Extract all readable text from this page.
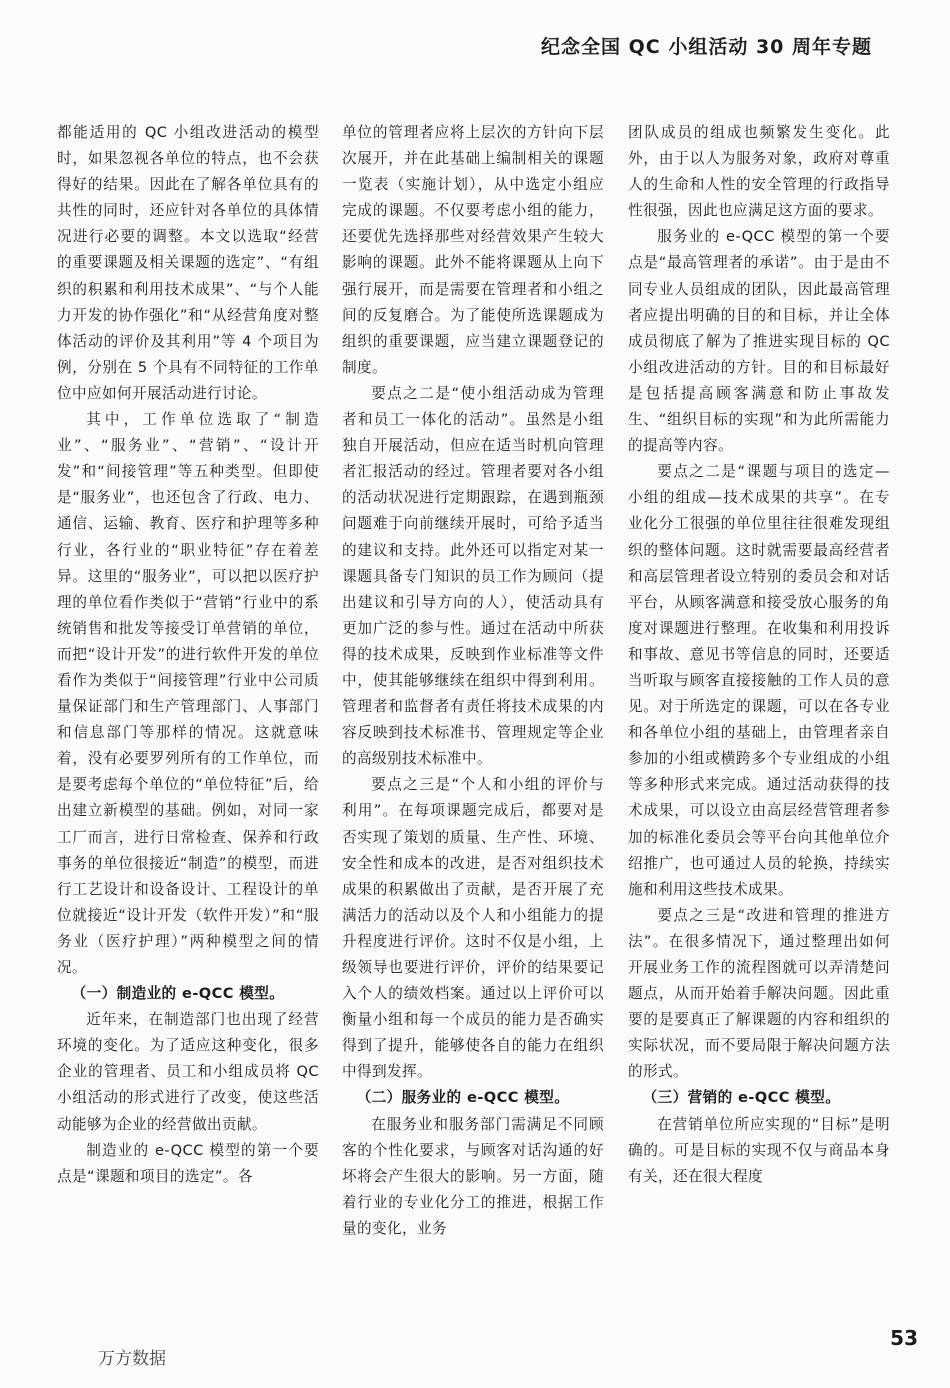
纪念全国 QC 小组活动 30 周年专题

都能适用的 QC 小组改进活动的模型时，如果忽视各单位的特点，也不会获得好的结果。因此在了解各单位具有的共性的同时，还应针对各单位的具体情况进行必要的调整。本文以选取“经营的重要课题及相关课题的选定”、“有组织的积累和利用技术成果”、“与个人能力开发的协作强化”和“从经营角度对整体活动的评价及其利用”等 4 个项目为例，分别在 5 个具有不同特征的工作单位中应如何开展活动进行讨论。

其中，工作单位选取了“制造业”、“服务业”、“营销”、“设计开发”和“间接管理”等五种类型。但即使是“服务业”，也还包含了行政、电力、通信、运输、教育、医疗和护理等多种行业，各行业的“职业特征”存在着差异。这里的“服务业”，可以把以医疗护理的单位看作类似于“营销”行业中的系统销售和批发等接受订单营销的单位，而把“设计开发”的进行软件开发的单位看作为类似于“间接管理”行业中公司质量保证部门和生产管理部门、人事部门和信息部门等那样的情况。这就意味着，没有必要罗列所有的工作单位，而是要考虑每个单位的“单位特征”后，给出建立新模型的基础。例如，对同一家工厂而言，进行日常检查、保养和行政事务的单位很接近“制造”的模型，而进行工艺设计和设备设计、工程设计的单位就接近“设计开发（软件开发）”和“服务业（医疗护理）”两种模型之间的情况。

（一）制造业的 e-QCC 模型。

近年来，在制造部门也出现了经营环境的变化。为了适应这种变化，很多企业的管理者、员工和小组成员将 QC 小组活动的形式进行了改变，使这些活动能够为企业的经营做出贡献。

制造业的 e-QCC 模型的第一个要点是“课题和项目的选定”。各

单位的管理者应将上层次的方针向下层次展开，并在此基础上编制相关的课题一览表（实施计划），从中选定小组应完成的课题。不仅要考虑小组的能力，还要优先选择那些对经营效果产生较大影响的课题。此外不能将课题从上向下强行展开，而是需要在管理者和小组之间的反复磨合。为了能使所选课题成为组织的重要课题，应当建立课题登记的制度。

要点之二是“使小组活动成为管理者和员工一体化的活动”。虽然是小组独自开展活动，但应在适当时机向管理者汇报活动的经过。管理者要对各小组的活动状况进行定期跟踪，在遇到瓶颈问题难于向前继续开展时，可给予适当的建议和支持。此外还可以指定对某一课题具备专门知识的员工作为顾问（提出建议和引导方向的人），使活动具有更加广泛的参与性。通过在活动中所获得的技术成果，反映到作业标准等文件中，使其能够继续在组织中得到利用。管理者和监督者有责任将技术成果的内容反映到技术标准书、管理规定等企业的高级别技术标准中。

要点之三是“个人和小组的评价与利用”。在每项课题完成后，都要对是否实现了策划的质量、生产性、环境、安全性和成本的改进，是否对组织技术成果的积累做出了贡献，是否开展了充满活力的活动以及个人和小组能力的提升程度进行评价。这时不仅是小组，上级领导也要进行评价，评价的结果要记入个人的绩效档案。通过以上评价可以衡量小组和每一个成员的能力是否确实得到了提升，能够使各自的能力在组织中得到发挥。

（二）服务业的 e-QCC 模型。

在服务业和服务部门需满足不同顾客的个性化要求，与顾客对话沟通的好坏将会产生很大的影响。另一方面，随着行业的专业化分工的推进，根据工作量的变化，业务

团队成员的组成也频繁发生变化。此外，由于以人为服务对象，政府对尊重人的生命和人性的安全管理的行政指导性很强，因此也应满足这方面的要求。

服务业的 e-QCC 模型的第一个要点是“最高管理者的承诺”。由于是由不同专业人员组成的团队，因此最高管理者应提出明确的目的和目标，并让全体成员彻底了解为了推进实现目标的 QC 小组改进活动的方针。目的和目标最好是包括提高顾客满意和防止事故发生、“组织目标的实现”和为此所需能力的提高等内容。

要点之二是“课题与项目的选定—小组的组成—技术成果的共享”。在专业化分工很强的单位里往往很难发现组织的整体问题。这时就需要最高经营者和高层管理者设立特别的委员会和对话平台，从顾客满意和接受放心服务的角度对课题进行整理。在收集和利用投诉和事故、意见书等信息的同时，还要适当听取与顾客直接接触的工作人员的意见。对于所选定的课题，可以在各专业和各单位小组的基础上，由管理者亲自参加的小组或横跨多个专业组成的小组等多种形式来完成。通过活动获得的技术成果，可以设立由高层经营管理者参加的标准化委员会等平台向其他单位介绍推广，也可通过人员的轮换，持续实施和利用这些技术成果。

要点之三是“改进和管理的推进方法”。在很多情况下，通过整理出如何开展业务工作的流程图就可以弄清楚问题点，从而开始着手解决问题。因此重要的是要真正了解课题的内容和组织的实际状况，而不要局限于解决问题方法的形式。

（三）营销的 e-QCC 模型。

在营销单位所应实现的“目标”是明确的。可是目标的实现不仅与商品本身有关，还在很大程度

53
万方数据
